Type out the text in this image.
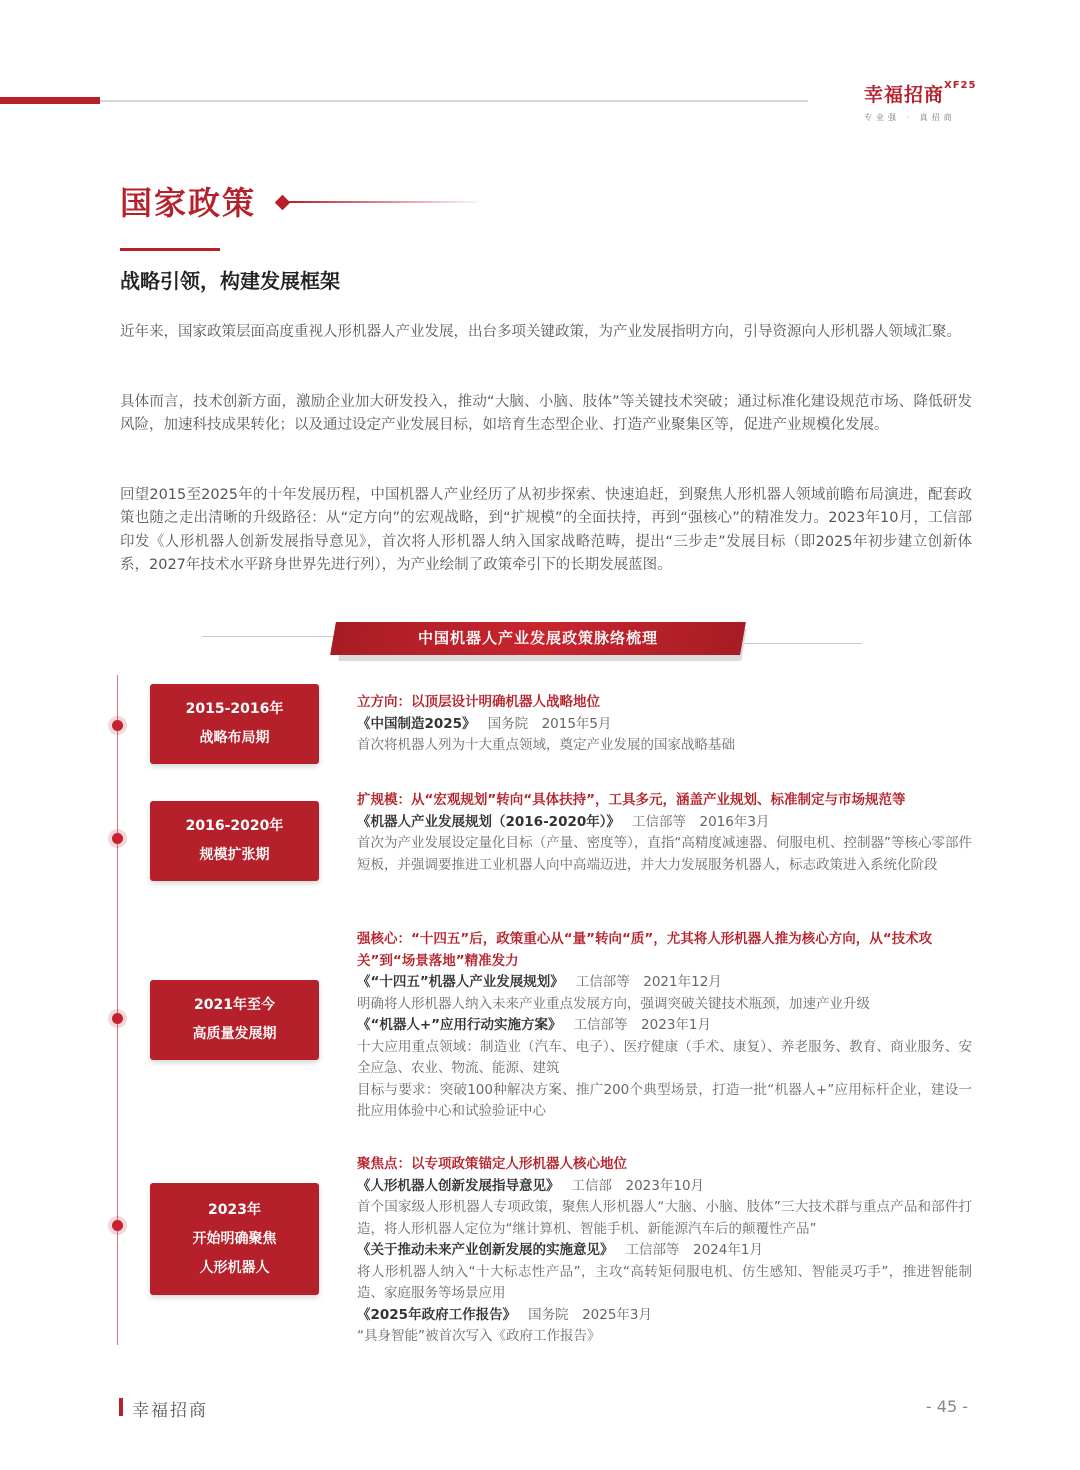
幸福招商$^{XF25}$
专业强 · 真招商
国家政策
战略引领，构建发展框架

近年来，国家政策层面高度重视人形机器人产业发展，出台多项关键政策，为产业发展指明方向，引导资源向人形机器人领域汇聚。

具体而言，技术创新方面，激励企业加大研发投入，推动“大脑、小脑、肢体”等关键技术突破；通过标准化建设规范市场、降低研发风险，加速科技成果转化；以及通过设定产业发展目标，如培育生态型企业、打造产业聚集区等，促进产业规模化发展。

回望2015至2025年的十年发展历程，中国机器人产业经历了从初步探索、快速追赶，到聚焦人形机器人领域前瞻布局演进，配套政策也随之走出清晰的升级路径：从“定方向”的宏观战略，到“扩规模”的全面扶持，再到“强核心”的精准发力。2023年10月，工信部印发《人形机器人创新发展指导意见》，首次将人形机器人纳入国家战略范畴，提出“三步走”发展目标（即2025年初步建立创新体系，2027年技术水平跻身世界先进行列），为产业绘制了政策牵引下的长期发展蓝图。

中国机器人产业发展政策脉络梳理
2015-2016年
战略布局期
立方向：以顶层设计明确机器人战略地位
《中国制造2025》 国务院　2015年5月
首次将机器人列为十大重点领域，奠定产业发展的国家战略基础
2016-2020年
规模扩张期
扩规模：从“宏观规划”转向“具体扶持”，工具多元，涵盖产业规划、标准制定与市场规范等
《机器人产业发展规划（2016-2020年）》 工信部等　2016年3月
首次为产业发展设定量化目标（产量、密度等），直指“高精度减速器、伺服电机、控制器”等核心零部件短板，并强调要推进工业机器人向中高端迈进，并大力发展服务机器人，标志政策进入系统化阶段
2021年至今
高质量发展期
强核心：“十四五”后，政策重心从“量”转向“质”，尤其将人形机器人推为核心方向，从“技术攻关”到“场景落地”精准发力
《“十四五”机器人产业发展规划》 工信部等　2021年12月
明确将人形机器人纳入未来产业重点发展方向，强调突破关键技术瓶颈，加速产业升级
《“机器人+”应用行动实施方案》 工信部等　2023年1月
十大应用重点领域：制造业（汽车、电子）、医疗健康（手术、康复）、养老服务、教育、商业服务、安全应急、农业、物流、能源、建筑
目标与要求：突破100种解决方案、推广200个典型场景，打造一批“机器人+”应用标杆企业，建设一批应用体验中心和试验验证中心
2023年
开始明确聚焦
人形机器人
聚焦点：以专项政策锚定人形机器人核心地位
《人形机器人创新发展指导意见》 工信部　2023年10月
首个国家级人形机器人专项政策，聚焦人形机器人“大脑、小脑、肢体”三大技术群与重点产品和部件打造，将人形机器人定位为“继计算机、智能手机、新能源汽车后的颠覆性产品”
《关于推动未来产业创新发展的实施意见》 工信部等　2024年1月
将人形机器人纳入“十大标志性产品”，主攻“高转矩伺服电机、仿生感知、智能灵巧手”，推进智能制造、家庭服务等场景应用
《2025年政府工作报告》 国务院　2025年3月
“具身智能”被首次写入《政府工作报告》
幸福招商	- 45 -
